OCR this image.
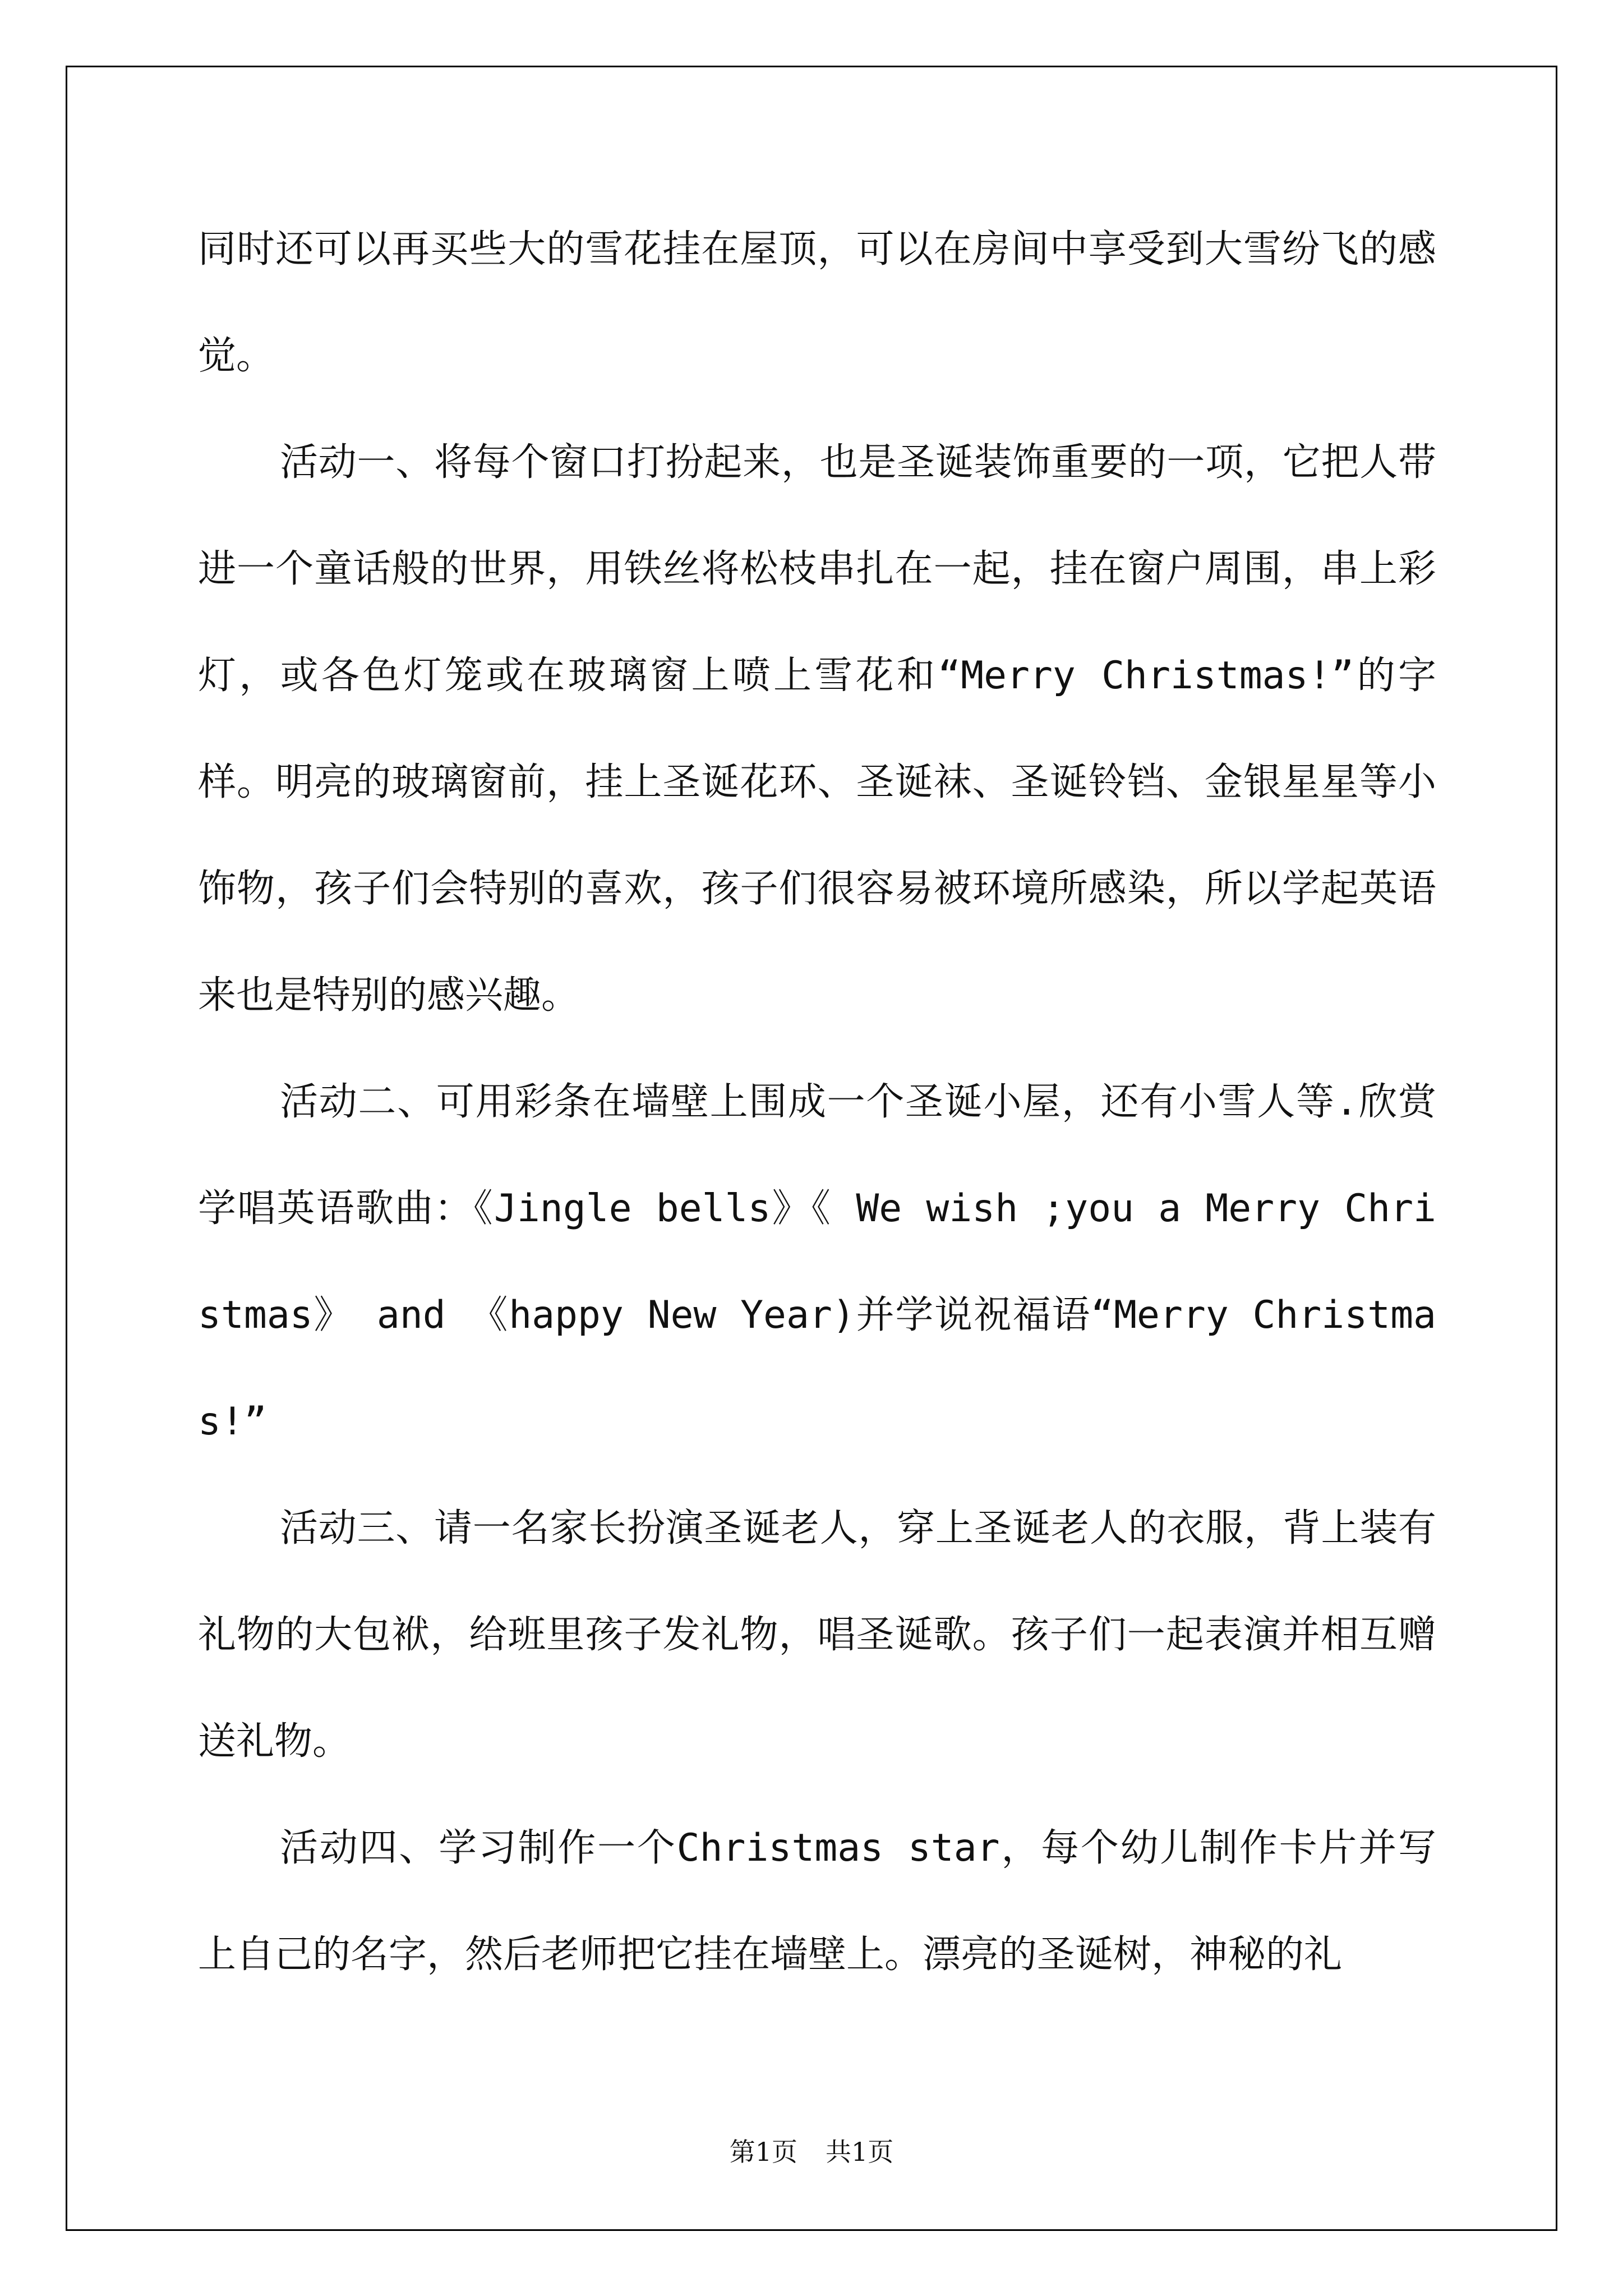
同时还可以再买些大的雪花挂在屋顶，可以在房间中享受到大雪纷飞的感觉。

活动一、将每个窗口打扮起来，也是圣诞装饰重要的一项，它把人带进一个童话般的世界，用铁丝将松枝串扎在一起，挂在窗户周围，串上彩灯，或各色灯笼或在玻璃窗上喷上雪花和“Merry Christmas!”的字样。明亮的玻璃窗前，挂上圣诞花环、圣诞袜、圣诞铃铛、金银星星等小饰物，孩子们会特别的喜欢，孩子们很容易被环境所感染，所以学起英语来也是特别的感兴趣。

活动二、可用彩条在墙壁上围成一个圣诞小屋，还有小雪人等.欣赏学唱英语歌曲：《Jingle bells》《 We wish ;you a Merry Christmas》 and 《happy New Year)并学说祝福语“Merry Christmas!”

活动三、请一名家长扮演圣诞老人，穿上圣诞老人的衣服，背上装有礼物的大包袱，给班里孩子发礼物，唱圣诞歌。孩子们一起表演并相互赠送礼物。

活动四、学习制作一个Christmas star，每个幼儿制作卡片并写上自己的名字，然后老师把它挂在墙壁上。漂亮的圣诞树，神秘的礼

第1页 共1页
